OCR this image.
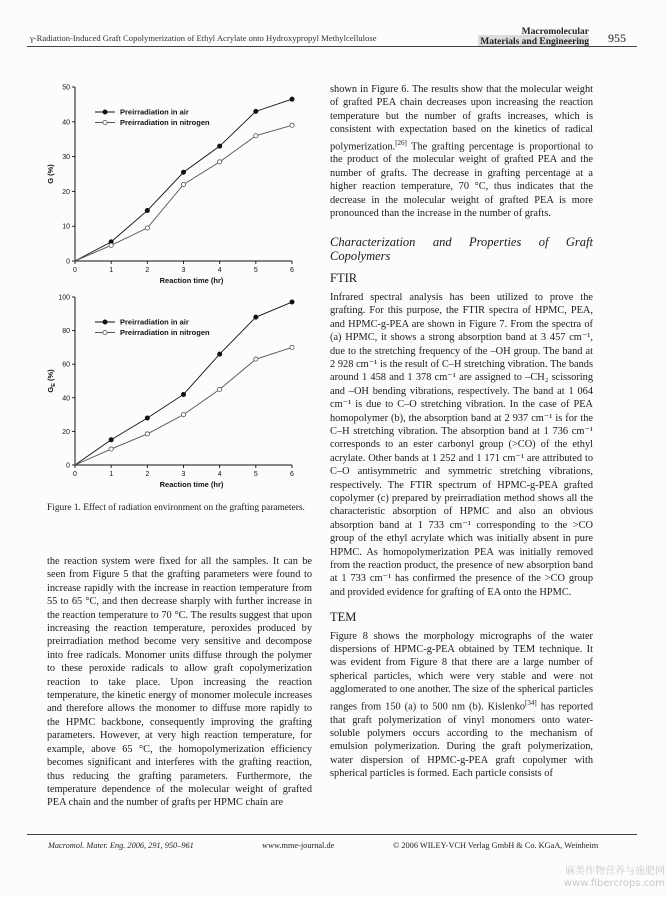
γ-Radiation-Induced Graft Copolymerization of Ethyl Acrylate onto Hydroxypropyl Methylcellulose
Macromolecular
Materials and Engineering 955
0	1	2	3	4	5	6
0
10
20
30
40
50
Reaction time (hr)
G (%)
Preirradiation in air
Preirradiation in nitrogen
0	1	2	3	4	5	6
0
20
40
60
80
100
Reaction time (hr)
$G_E$ (%)
Preirradiation in air
Preirradiation in nitrogen
Figure 1. Effect of radiation environment on the grafting parameters.

the reaction system were fixed for all the samples. It can be seen from Figure 5 that the grafting parameters were found to increase rapidly with the increase in reaction temperature from 55 to 65 °C, and then decrease sharply with further increase in the reaction temperature to 70 °C. The results suggest that upon increasing the reaction temperature, peroxides produced by preirradiation method become very sensitive and decompose into free radicals. Monomer units diffuse through the polymer to these peroxide radicals to allow graft copolymerization reaction to take place. Upon increasing the reaction temperature, the kinetic energy of monomer molecule increases and therefore allows the monomer to diffuse more rapidly to the HPMC backbone, consequently improving the grafting parameters. However, at very high reaction temperature, for example, above 65 °C, the homopolymerization efficiency becomes significant and interferes with the grafting reaction, thus reducing the grafting parameters. Furthermore, the temperature dependence of the molecular weight of grafted PEA chain and the number of grafts per HPMC chain are

shown in Figure 6. The results show that the molecular weight of grafted PEA chain decreases upon increasing the reaction temperature but the number of grafts increases, which is consistent with expectation based on the kinetics of radical polymerization.[26] The grafting percentage is proportional to the product of the molecular weight of grafted PEA and the number of grafts. The decrease in grafting percentage at a higher reaction temperature, 70 °C, thus indicates that the decrease in the molecular weight of grafted PEA is more pronounced than the increase in the number of grafts.

Characterization and Properties of Graft Copolymers
FTIR

Infrared spectral analysis has been utilized to prove the grafting. For this purpose, the FTIR spectra of HPMC, PEA, and HPMC-g-PEA are shown in Figure 7. From the spectra of (a) HPMC, it shows a strong absorption band at 3 457 cm⁻¹, due to the stretching frequency of the –OH group. The band at 2 928 cm⁻¹ is the result of C–H stretching vibration. The bands around 1 458 and 1 378 cm⁻¹ are assigned to –CH₂ scissoring and –OH bending vibrations, respectively. The band at 1 064 cm⁻¹ is due to C–O stretching vibration. In the case of PEA homopolymer (b), the absorption band at 2 937 cm⁻¹ is for the C–H stretching vibration. The absorption band at 1 736 cm⁻¹ corresponds to an ester carbonyl group (>CO) of the ethyl acrylate. Other bands at 1 252 and 1 171 cm⁻¹ are attributed to C–O antisymmetric and symmetric stretching vibrations, respectively. The FTIR spectrum of HPMC-g-PEA grafted copolymer (c) prepared by preirradiation method shows all the characteristic absorption of HPMC and also an obvious absorption band at 1 733 cm⁻¹ corresponding to the >CO group of the ethyl acrylate which was initially absent in pure HPMC. As homopolymerization PEA was initially removed from the reaction product, the presence of new absorption band at 1 733 cm⁻¹ has confirmed the presence of the >CO group and provided evidence for grafting of EA onto the HPMC.

TEM

Figure 8 shows the morphology micrographs of the water dispersions of HPMC-g-PEA obtained by TEM technique. It was evident from Figure 8 that there are a large number of spherical particles, which were very stable and were not agglomerated to one another. The size of the spherical particles ranges from 150 (a) to 500 nm (b). Kislenko[34] has reported that graft polymerization of vinyl monomers onto water-soluble polymers occurs according to the mechanism of emulsion polymerization. During the graft polymerization, water dispersion of HPMC-g-PEA graft copolymer with spherical particles is formed. Each particle consists of

Macromol. Mater. Eng. 2006, 291, 950–961	www.mme-journal.de	© 2006 WILEY-VCH Verlag GmbH & Co. KGaA, Weinheim
麻类作物营养与施肥网
www.fibercrops.com
